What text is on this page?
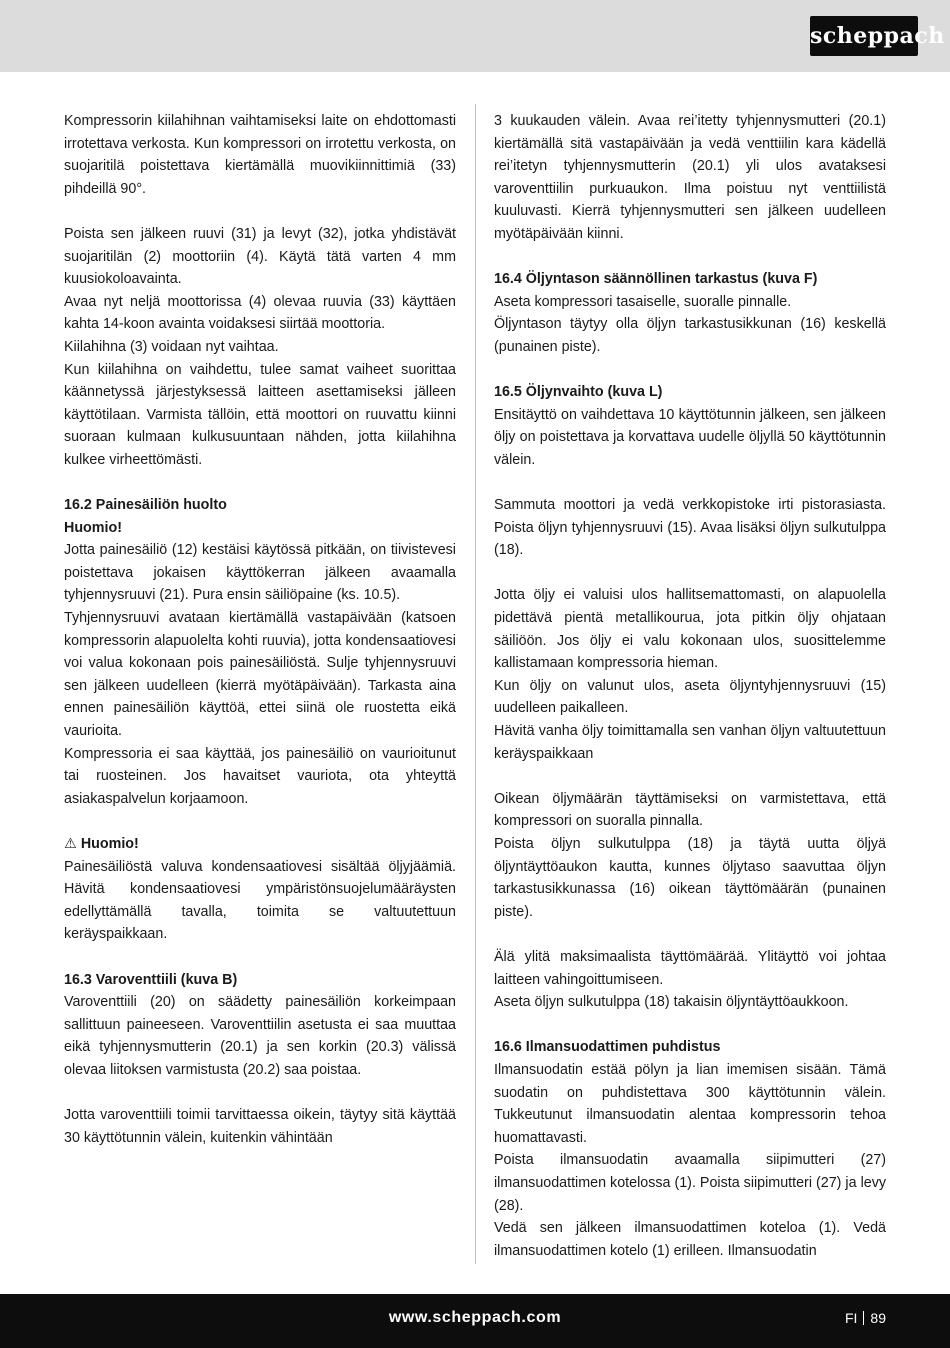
scheppach

Kompressorin kiilahihnan vaihtamiseksi laite on ehdottomasti irrotettava verkosta. Kun kompressori on irrotettu verkosta, on suojaritilä poistettava kiertämällä muovikiinnittimiä (33) pihdeillä 90°.

Poista sen jälkeen ruuvi (31) ja levyt (32), jotka yhdistävät suojaritilän (2) moottoriin (4). Käytä tätä varten 4 mm kuusiokoloavainta.

Avaa nyt neljä moottorissa (4) olevaa ruuvia (33) käyttäen kahta 14-koon avainta voidaksesi siirtää moottoria.

Kiilahihna (3) voidaan nyt vaihtaa.

Kun kiilahihna on vaihdettu, tulee samat vaiheet suorittaa käännetyssä järjestyksessä laitteen asettamiseksi jälleen käyttötilaan. Varmista tällöin, että moottori on ruuvattu kiinni suoraan kulmaan kulkusuuntaan nähden, jotta kiilahihna kulkee virheettömästi.

16.2 Painesäiliön huolto

Huomio!

Jotta painesäiliö (12) kestäisi käytössä pitkään, on tiivistevesi poistettava jokaisen käyttökerran jälkeen avaamalla tyhjennysruuvi (21). Pura ensin säiliöpaine (ks. 10.5).

Tyhjennysruuvi avataan kiertämällä vastapäivään (katsoen kompressorin alapuolelta kohti ruuvia), jotta kondensaatiovesi voi valua kokonaan pois painesäiliöstä. Sulje tyhjennysruuvi sen jälkeen uudelleen (kierrä myötäpäivään). Tarkasta aina ennen painesäiliön käyttöä, ettei siinä ole ruostetta eikä vaurioita.

Kompressoria ei saa käyttää, jos painesäiliö on vaurioitunut tai ruosteinen. Jos havaitset vauriota, ota yhteyttä asiakaspalvelun korjaamoon.

⚠ Huomio!

Painesäiliöstä valuva kondensaatiovesi sisältää öljyjäämiä. Hävitä kondensaatiovesi ympäristönsuojelumääräysten edellyttämällä tavalla, toimita se valtuutettuun keräyspaikkaan.

16.3 Varoventtiili (kuva B)

Varoventtiili (20) on säädetty painesäiliön korkeimpaan sallittuun paineeseen. Varoventtiilin asetusta ei saa muuttaa eikä tyhjennysmutterin (20.1) ja sen korkin (20.3) välissä olevaa liitoksen varmistusta (20.2) saa poistaa.

Jotta varoventtiili toimii tarvittaessa oikein, täytyy sitä käyttää 30 käyttötunnin välein, kuitenkin vähintään

3 kuukauden välein. Avaa rei’itetty tyhjennysmutteri (20.1) kiertämällä sitä vastapäivään ja vedä venttiilin kara kädellä rei’itetyn tyhjennysmutterin (20.1) yli ulos avataksesi varoventtiilin purkuaukon. Ilma poistuu nyt venttiilistä kuuluvasti. Kierrä tyhjennysmutteri sen jälkeen uudelleen myötäpäivään kiinni.

16.4 Öljyntason säännöllinen tarkastus (kuva F)

Aseta kompressori tasaiselle, suoralle pinnalle.

Öljyntason täytyy olla öljyn tarkastusikkunan (16) keskellä (punainen piste).

16.5 Öljynvaihto (kuva L)

Ensitäyttö on vaihdettava 10 käyttötunnin jälkeen, sen jälkeen öljy on poistettava ja korvattava uudelle öljyllä 50 käyttötunnin välein.

Sammuta moottori ja vedä verkkopistoke irti pistorasiasta. Poista öljyn tyhjennysruuvi (15). Avaa lisäksi öljyn sulkutulppa (18).

Jotta öljy ei valuisi ulos hallitsemattomasti, on alapuolella pidettävä pientä metallikourua, jota pitkin öljy ohjataan säiliöön. Jos öljy ei valu kokonaan ulos, suosittelemme kallistamaan kompressoria hieman.

Kun öljy on valunut ulos, aseta öljyntyhjennysruuvi (15) uudelleen paikalleen.

Hävitä vanha öljy toimittamalla sen vanhan öljyn valtuutettuun keräyspaikkaan

Oikean öljymäärän täyttämiseksi on varmistettava, että kompressori on suoralla pinnalla.

Poista öljyn sulkutulppa (18) ja täytä uutta öljyä öljyntäyttöaukon kautta, kunnes öljytaso saavuttaa öljyn tarkastusikkunassa (16) oikean täyttömäärän (punainen piste).

Älä ylitä maksimaalista täyttömäärää. Ylitäyttö voi johtaa laitteen vahingoittumiseen.

Aseta öljyn sulkutulppa (18) takaisin öljyntäyttöaukkoon.

16.6 Ilmansuodattimen puhdistus

Ilmansuodatin estää pölyn ja lian imemisen sisään. Tämä suodatin on puhdistettava 300 käyttötunnin välein. Tukkeutunut ilmansuodatin alentaa kompressorin tehoa huomattavasti.

Poista ilmansuodatin avaamalla siipimutteri (27) ilmansuodattimen kotelossa (1). Poista siipimutteri (27) ja levy (28).

Vedä sen jälkeen ilmansuodattimen koteloa (1). Vedä ilmansuodattimen kotelo (1) erilleen. Ilmansuodatin

www.scheppach.com	FI 89
